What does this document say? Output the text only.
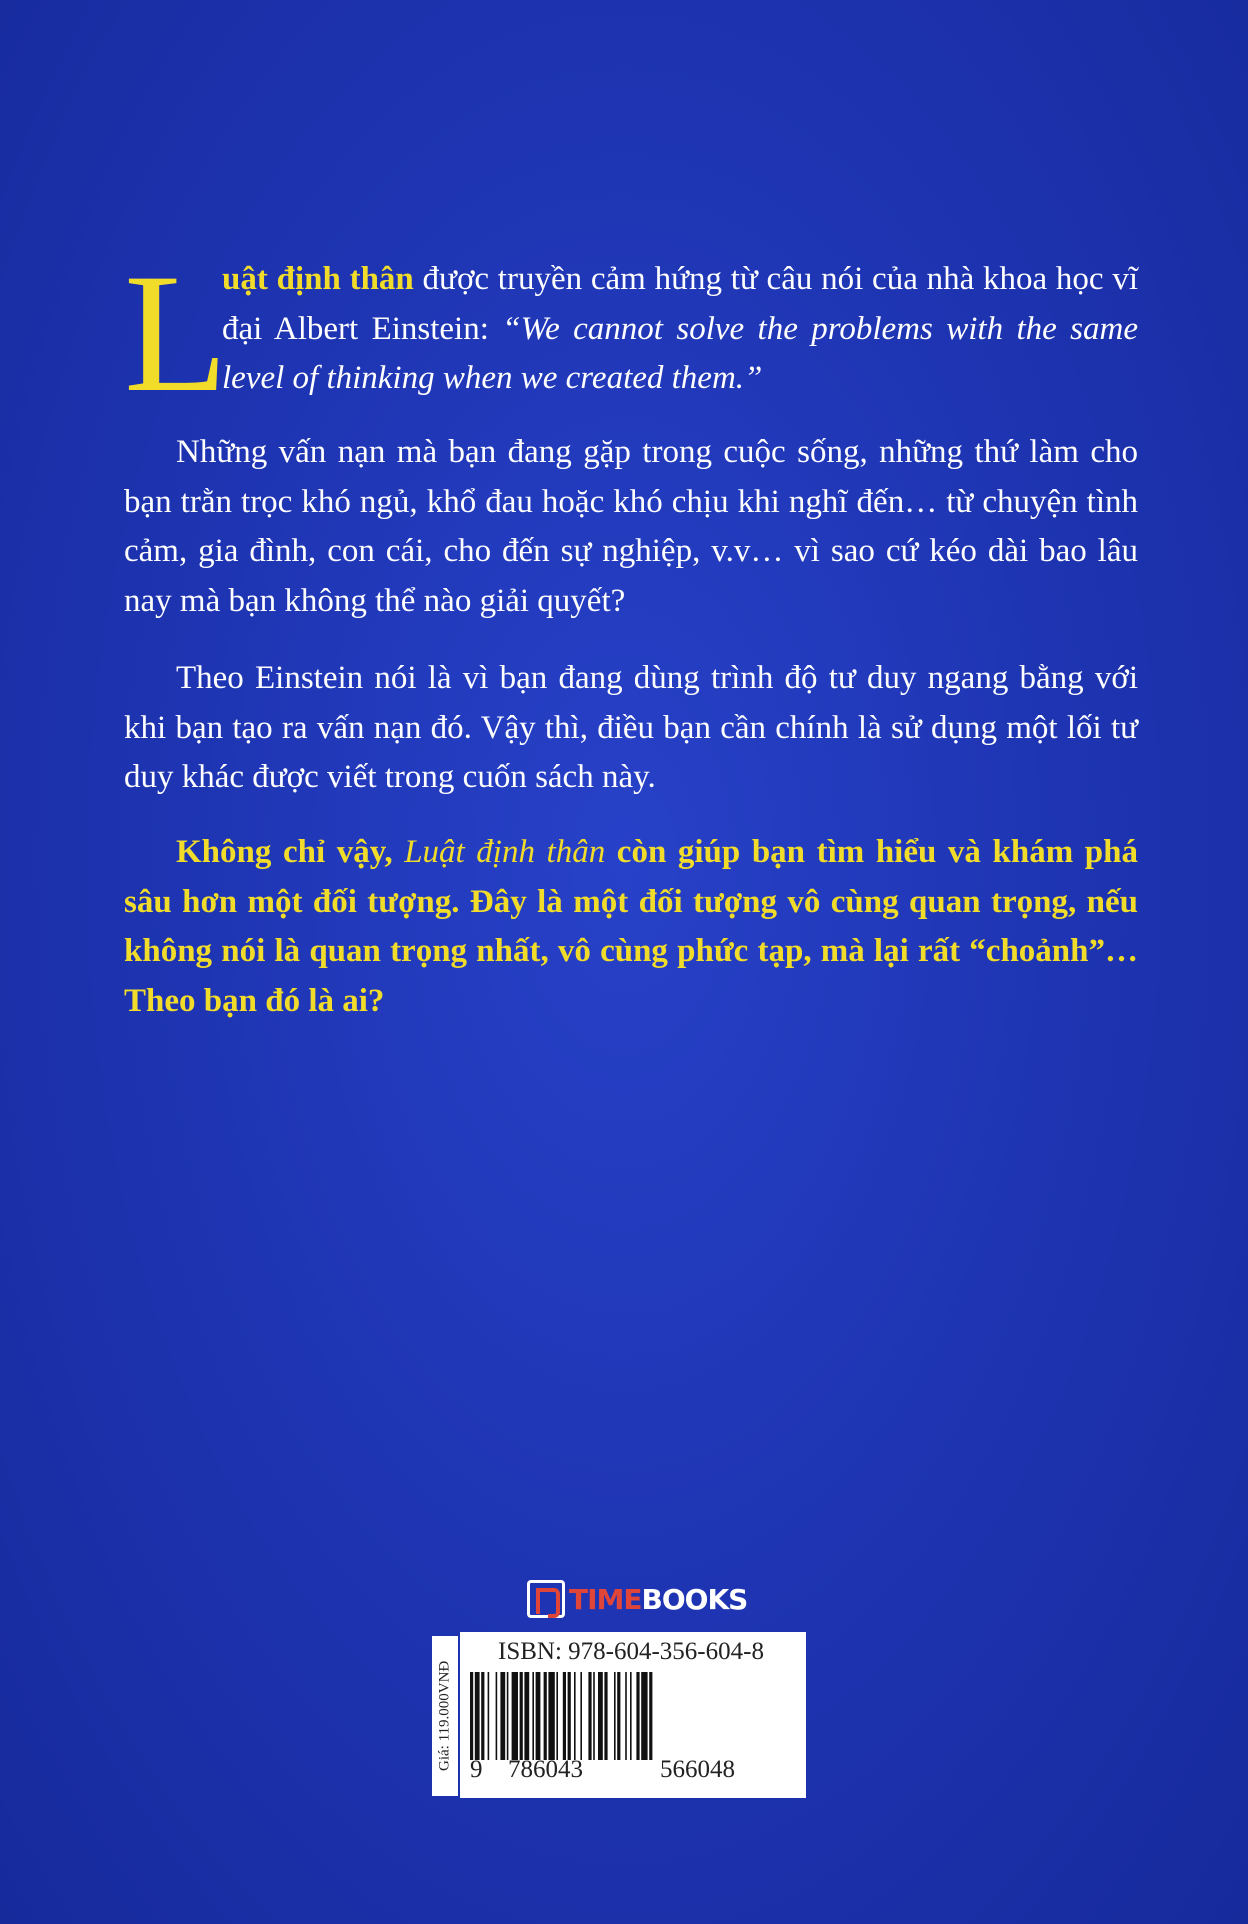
L

uật định thân được truyền cảm hứng từ câu nói của nhà khoa học vĩ đại Albert Einstein: “We cannot solve the problems with the same level of thinking when we created them.”

Những vấn nạn mà bạn đang gặp trong cuộc sống, những thứ làm cho bạn trằn trọc khó ngủ, khổ đau hoặc khó chịu khi nghĩ đến… từ chuyện tình cảm, gia đình, con cái, cho đến sự nghiệp, v.v… vì sao cứ kéo dài bao lâu nay mà bạn không thể nào giải quyết?

Theo Einstein nói là vì bạn đang dùng trình độ tư duy ngang bằng với khi bạn tạo ra vấn nạn đó. Vậy thì, điều bạn cần chính là sử dụng một lối tư duy khác được viết trong cuốn sách này.

Không chỉ vậy, Luật định thân còn giúp bạn tìm hiểu và khám phá sâu hơn một đối tượng. Đây là một đối tượng vô cùng quan trọng, nếu không nói là quan trọng nhất, vô cùng phức tạp, mà lại rất “choảnh”… Theo bạn đó là ai?

TIMEBOOKS
Giá: 119.000VNĐ
ISBN: 978-604-356-604-8
9 786043	566048
